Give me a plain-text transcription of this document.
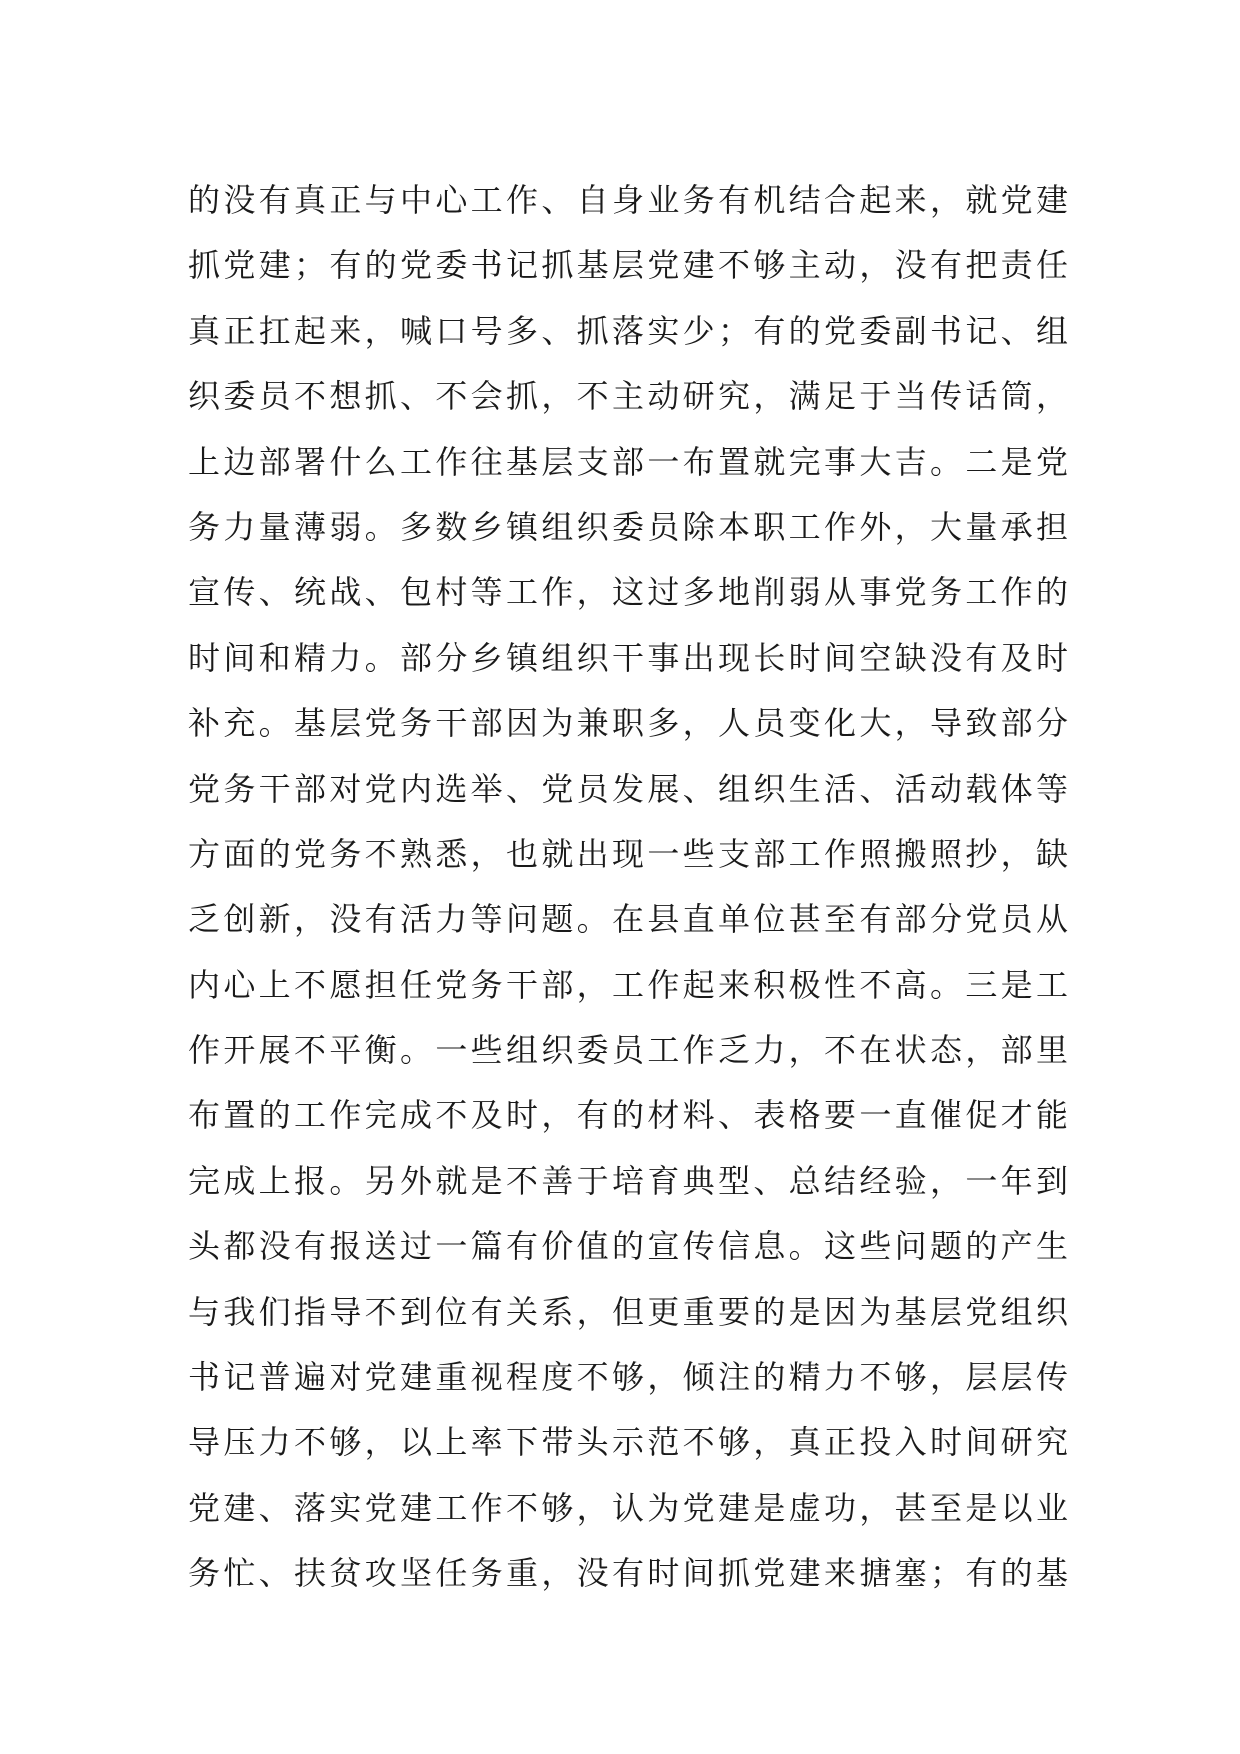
的没有真正与中心工作、自身业务有机结合起来，就党建
抓党建；有的党委书记抓基层党建不够主动，没有把责任
真正扛起来，喊口号多、抓落实少；有的党委副书记、组
织委员不想抓、不会抓，不主动研究，满足于当传话筒，
上边部署什么工作往基层支部一布置就完事大吉。二是党
务力量薄弱。多数乡镇组织委员除本职工作外，大量承担
宣传、统战、包村等工作，这过多地削弱从事党务工作的
时间和精力。部分乡镇组织干事出现长时间空缺没有及时
补充。基层党务干部因为兼职多，人员变化大，导致部分
党务干部对党内选举、党员发展、组织生活、活动载体等
方面的党务不熟悉，也就出现一些支部工作照搬照抄，缺
乏创新，没有活力等问题。在县直单位甚至有部分党员从
内心上不愿担任党务干部，工作起来积极性不高。三是工
作开展不平衡。一些组织委员工作乏力，不在状态，部里
布置的工作完成不及时，有的材料、表格要一直催促才能
完成上报。另外就是不善于培育典型、总结经验，一年到
头都没有报送过一篇有价值的宣传信息。这些问题的产生
与我们指导不到位有关系，但更重要的是因为基层党组织
书记普遍对党建重视程度不够，倾注的精力不够，层层传
导压力不够，以上率下带头示范不够，真正投入时间研究
党建、落实党建工作不够，认为党建是虚功，甚至是以业
务忙、扶贫攻坚任务重，没有时间抓党建来搪塞；有的基
